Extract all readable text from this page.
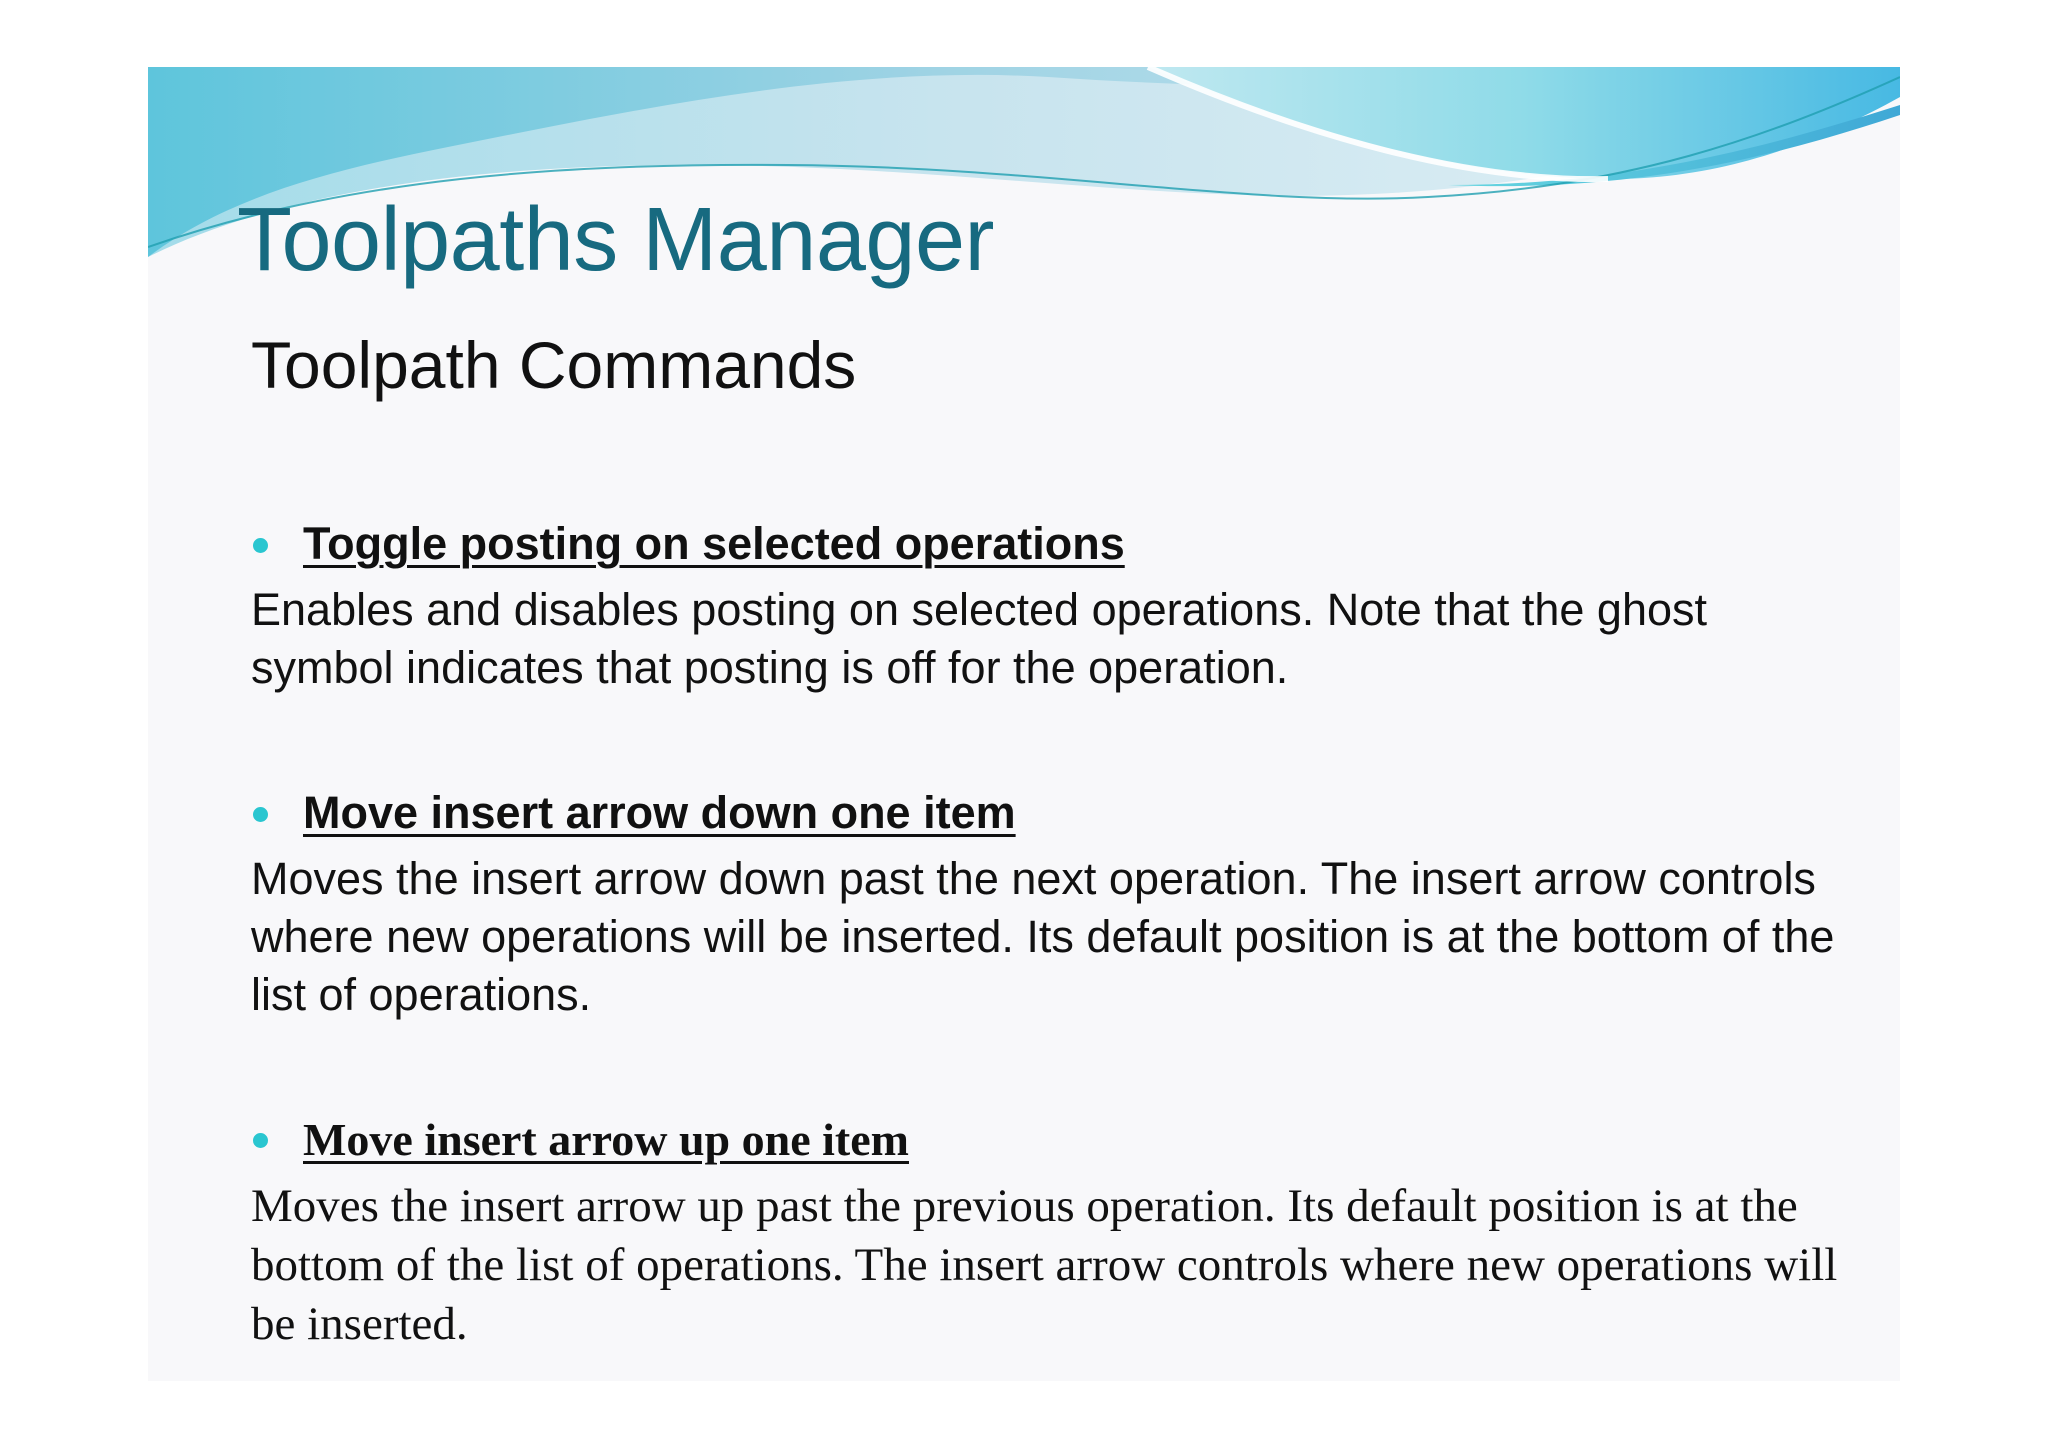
Toolpaths Manager
Toolpath Commands
Toggle posting on selected operations

Enables and disables posting on selected operations. Note that the ghost symbol indicates that posting is off for the operation.

Move insert arrow down one item

Moves the insert arrow down past the next operation. The insert arrow controls where new operations will be inserted. Its default position is at the bottom of the list of operations.

Move insert arrow up one item

Moves the insert arrow up past the previous operation. Its default position is at the bottom of the list of operations. The insert arrow controls where new operations will be inserted.
